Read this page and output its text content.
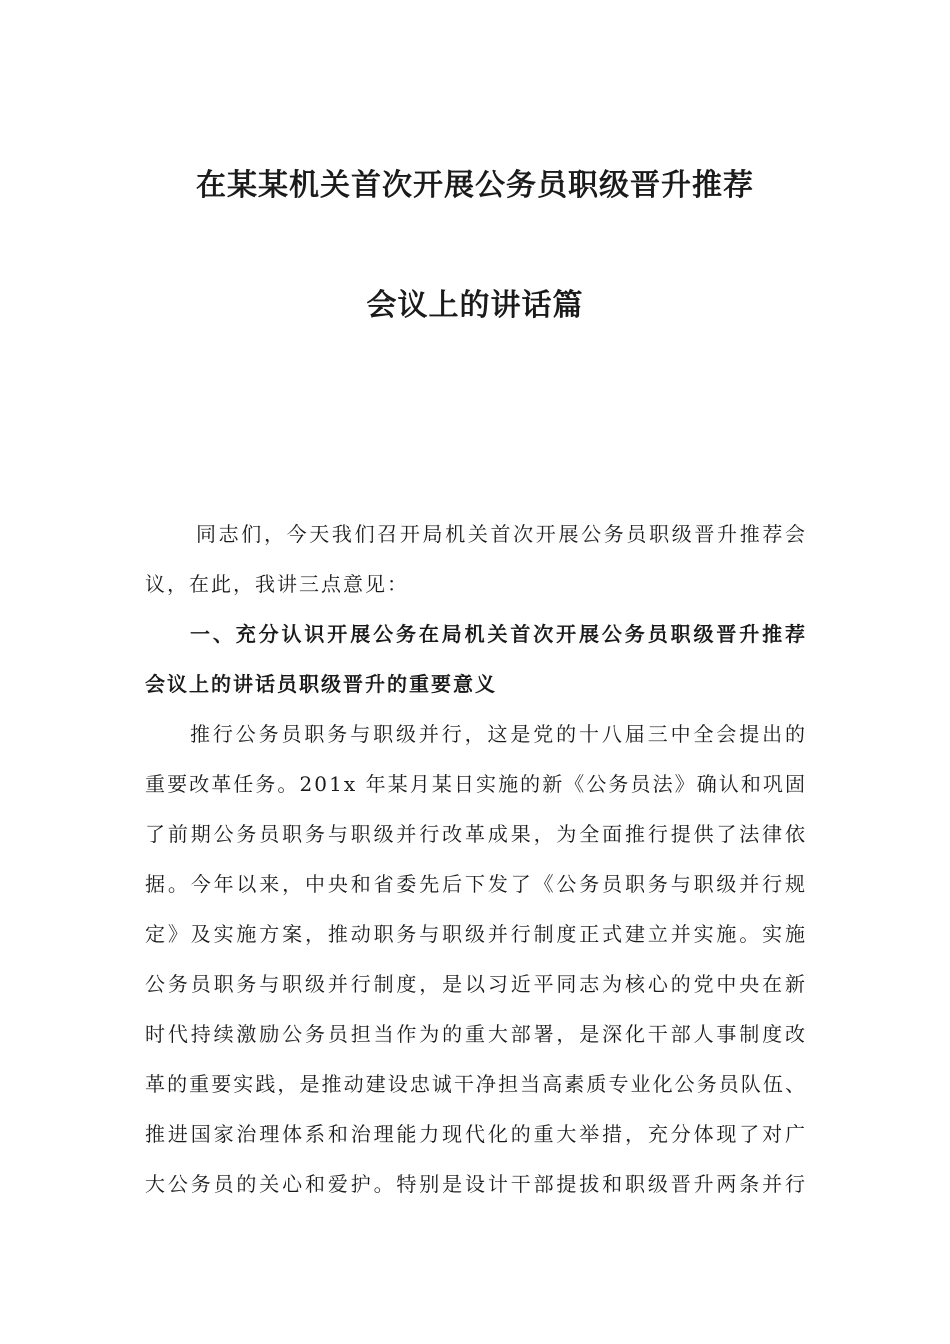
在某某机关首次开展公务员职级晋升推荐
会议上的讲话篇
同志们，今天我们召开局机关首次开展公务员职级晋升推荐会
议，在此，我讲三点意见：
一、充分认识开展公务在局机关首次开展公务员职级晋升推荐
会议上的讲话员职级晋升的重要意义
推行公务员职务与职级并行，这是党的十八届三中全会提出的
重要改革任务。201x 年某月某日实施的新《公务员法》确认和巩固
了前期公务员职务与职级并行改革成果，为全面推行提供了法律依
据。今年以来，中央和省委先后下发了《公务员职务与职级并行规
定》及实施方案，推动职务与职级并行制度正式建立并实施。实施
公务员职务与职级并行制度，是以习近平同志为核心的党中央在新
时代持续激励公务员担当作为的重大部署，是深化干部人事制度改
革的重要实践，是推动建设忠诚干净担当高素质专业化公务员队伍、
推进国家治理体系和治理能力现代化的重大举措，充分体现了对广
大公务员的关心和爱护。特别是设计干部提拔和职级晋升两条并行
